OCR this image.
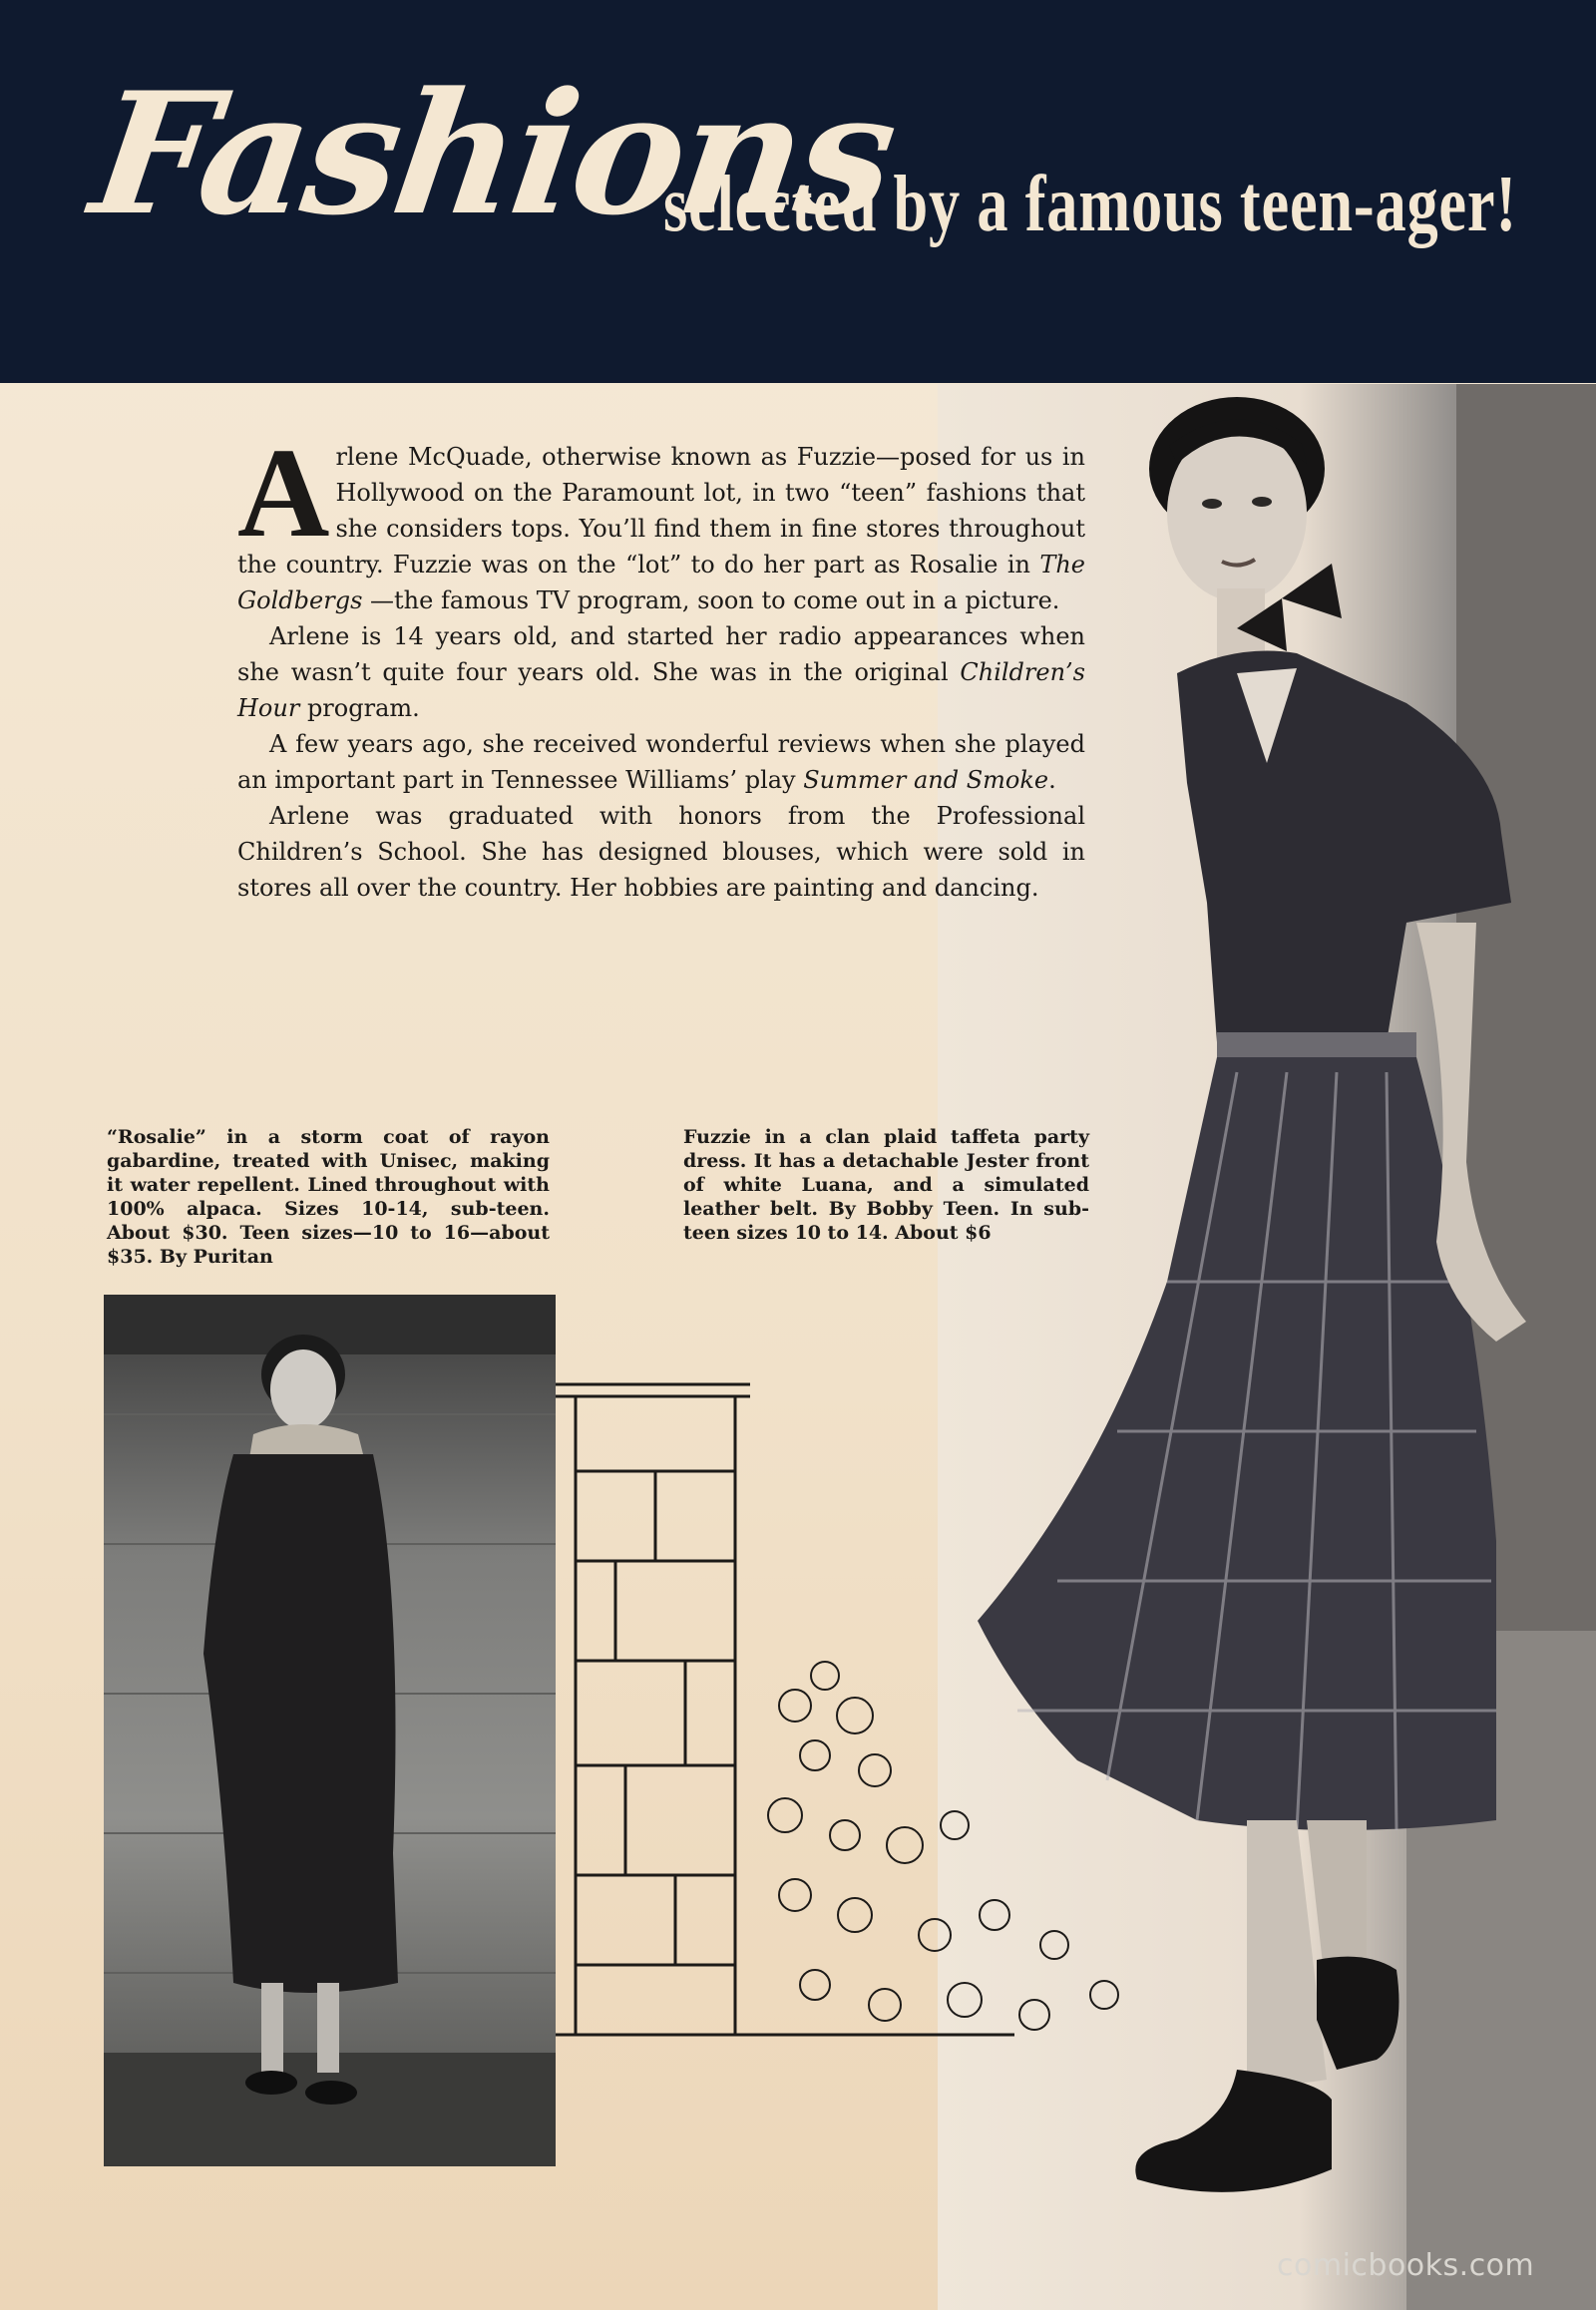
Fashions
selected by a famous teen-ager!

Arlene McQuade, otherwise known as Fuzzie—posed for us in Hollywood on the Paramount lot, in two “teen” fashions that she considers tops. You’ll find them in fine stores throughout the country. Fuzzie was on the “lot” to do her part as Rosalie in The Goldbergs —the famous TV program, soon to come out in a picture.

Arlene is 14 years old, and started her radio appearances when she wasn’t quite four years old. She was in the original Children’s Hour program.

A few years ago, she received wonderful reviews when she played an important part in Tennessee Williams’ play Summer and Smoke.

Arlene was graduated with honors from the Professional Children’s School. She has designed blouses, which were sold in stores all over the country. Her hobbies are painting and dancing.

“Rosalie” in a storm coat of rayon gabardine, treated with Unisec, making it water repellent. Lined throughout with 100% alpaca. Sizes 10-14, sub-teen. About $30. Teen sizes—10 to 16—about $35. By Puritan
Fuzzie in a clan plaid taffeta party dress. It has a detachable Jester front of white Luana, and a simulated leather belt. By Bobby Teen. In sub-teen sizes 10 to 14. About $6
comicbooks.com
